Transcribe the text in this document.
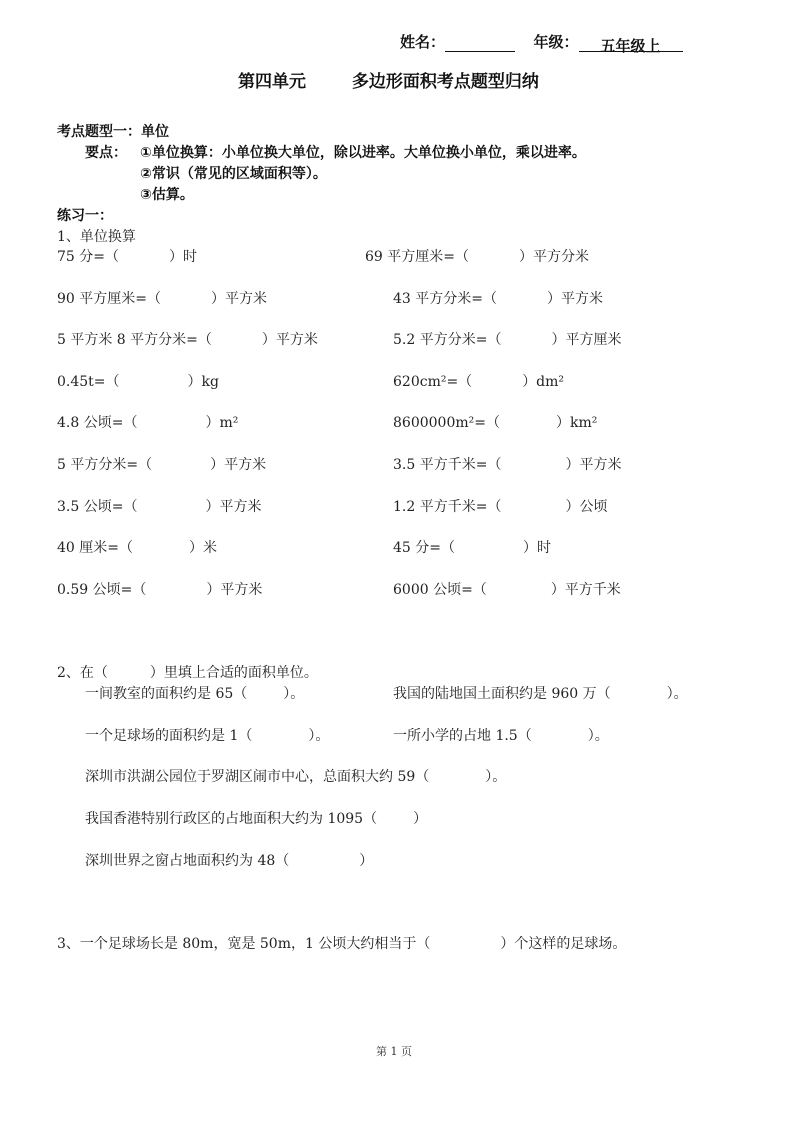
姓名：	年级： 五年级上
第四单元	多边形面积考点题型归纳
考点题型一：单位
要点： ①单位换算：小单位换大单位，除以进率。大单位换小单位，乘以进率。
②常识（常见的区域面积等）。
③估算。
练习一：
1、单位换算
75 分=（	）时	69 平方厘米=（	）平方分米
90 平方厘米=（	）平方米	43 平方分米=（	）平方米
5 平方米 8 平方分米=（	）平方米	5.2 平方分米=（	）平方厘米
0.45t=（	）kg	620cm²=（	）dm²
4.8 公顷=（	）m²	8600000m²=（	）km²
5 平方分米=（	）平方米	3.5 平方千米=（	）平方米
3.5 公顷=（	）平方米	1.2 平方千米=（	）公顷
40 厘米=（	）米	45 分=（	）时
0.59 公顷=（	）平方米	6000 公顷=（	）平方千米
2、在（	）里填上合适的面积单位。
一间教室的面积约是 65（	）。	我国的陆地国土面积约是 960 万（	）。
一个足球场的面积约是 1（	）。	一所小学的占地 1.5（	）。
深圳市洪湖公园位于罗湖区闹市中心，总面积大约 59（	）。
我国香港特别行政区的占地面积大约为 1095（	）
深圳世界之窗占地面积约为 48（	）
3、一个足球场长是 80m，宽是 50m，1 公顷大约相当于（	）个这样的足球场。
第 1 页
